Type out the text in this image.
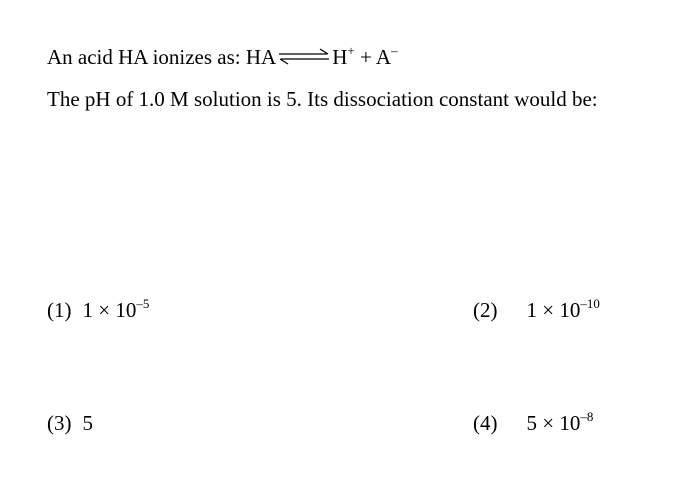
An acid HA ionizes as: HA⇌H+ + A–
The pH of 1.0 M solution is 5. Its dissociation constant would be:
(1) $1 \times 10^{-5}$	(2) $1 \times 10^{-10}$
(3) 5	(4) $5 \times 10^{-8}$
